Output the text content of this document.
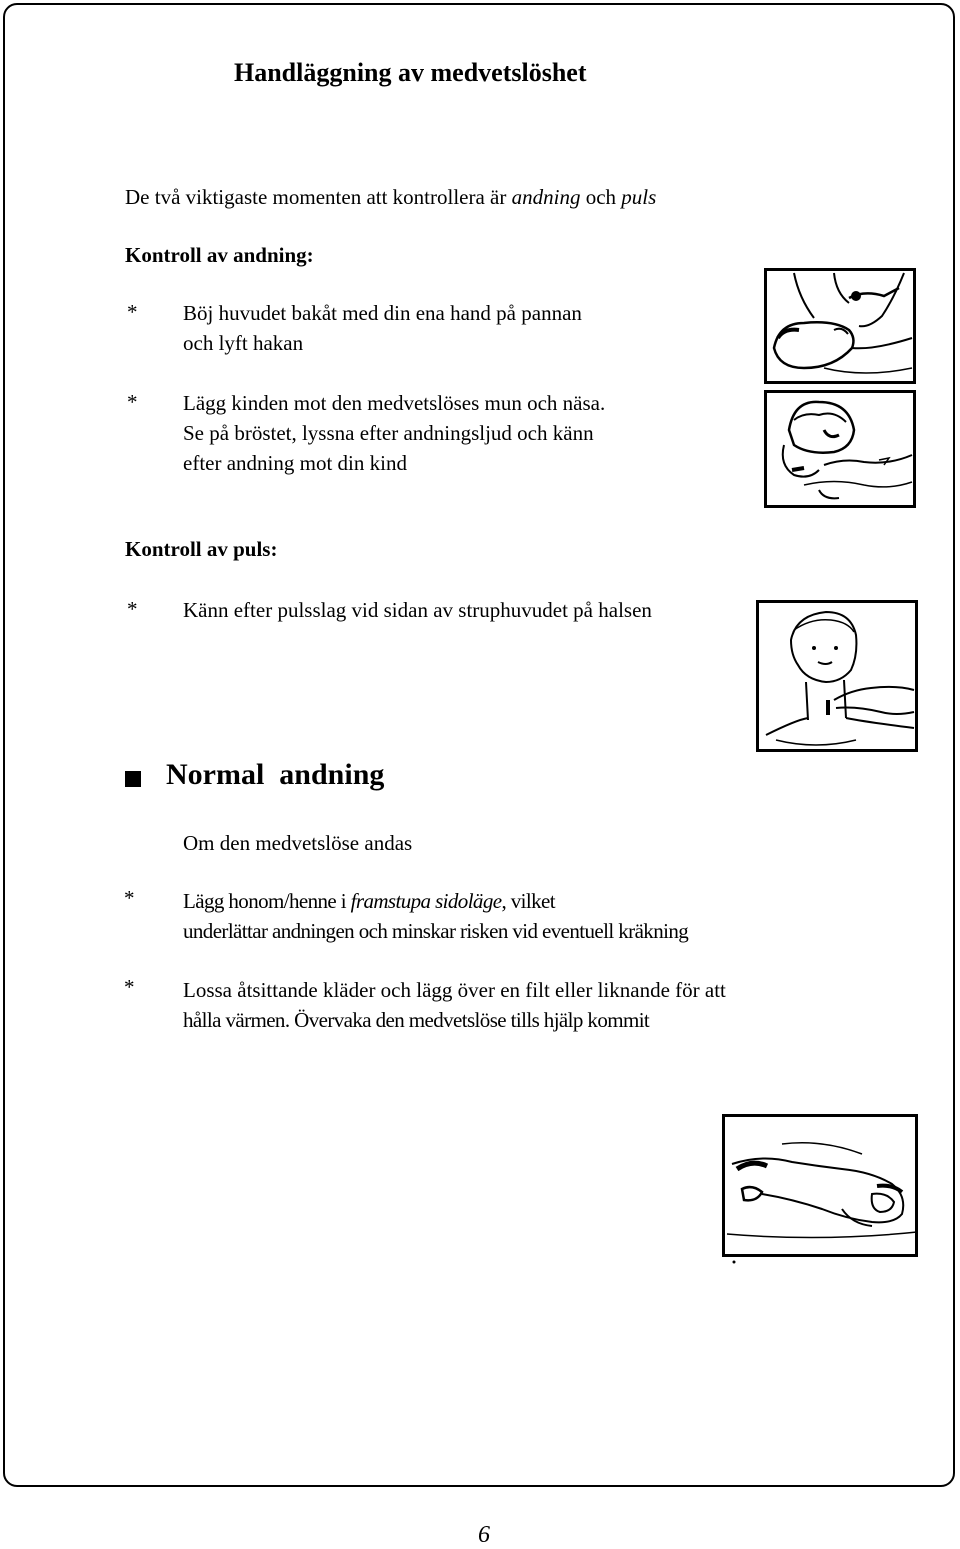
Handläggning av medvetslöshet
De två viktigaste momenten att kontrollera är andning och puls
Kontroll av andning:
* Böj huvudet bakåt med din ena hand på pannan
och lyft hakan
* Lägg kinden mot den medvetslöses mun och näsa.
Se på bröstet, lyssna efter andningsljud och känn
efter andning mot din kind
Kontroll av puls:
* Känn efter pulsslag vid sidan av struphuvudet på halsen
Normal  andning
Om den medvetslöse andas
* Lägg honom/henne i framstupa sidoläge, vilket
underlättar andningen och minskar risken vid eventuell kräkning
* Lossa åtsittande kläder och lägg över en filt eller liknande för att
hålla värmen. Övervaka den medvetslöse tills hjälp kommit
6
